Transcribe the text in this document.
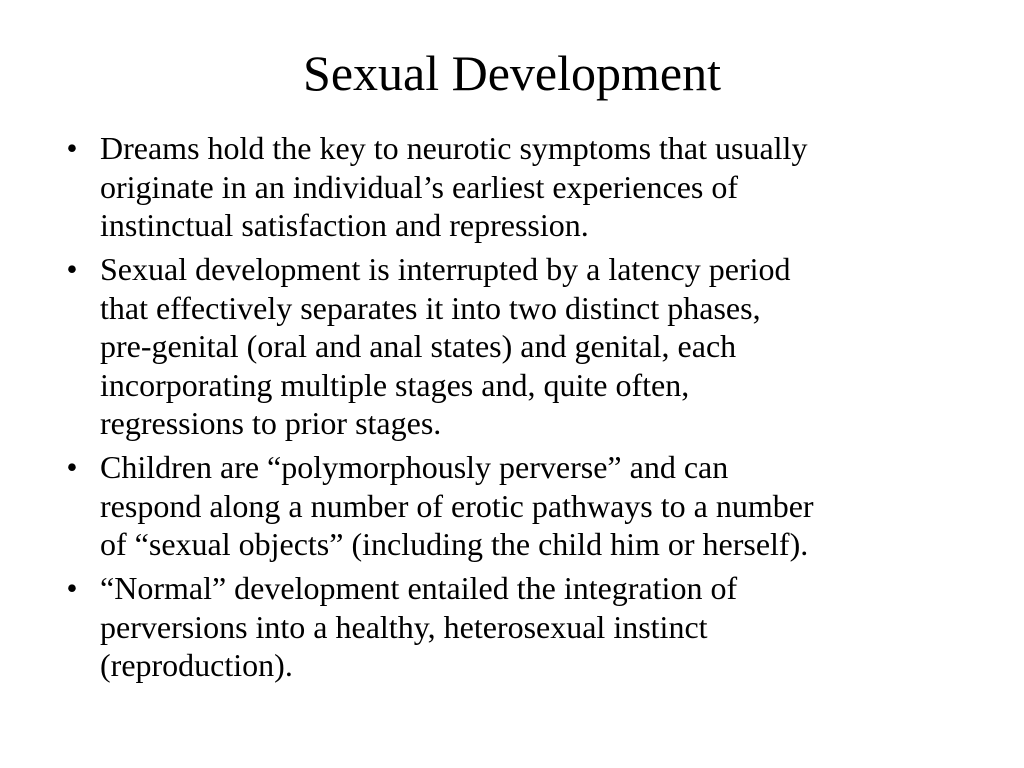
Sexual Development
• Dreams hold the key to neurotic symptoms that usually
originate in an individual’s earliest experiences of
instinctual satisfaction and repression.
• Sexual development is interrupted by a latency period
that effectively separates it into two distinct phases,
pre-genital (oral and anal states) and genital, each
incorporating multiple stages and, quite often,
regressions to prior stages.
• Children are “polymorphously perverse” and can
respond along a number of erotic pathways to a number
of “sexual objects” (including the child him or herself).
• “Normal” development entailed the integration of
perversions into a healthy, heterosexual instinct
(reproduction).
